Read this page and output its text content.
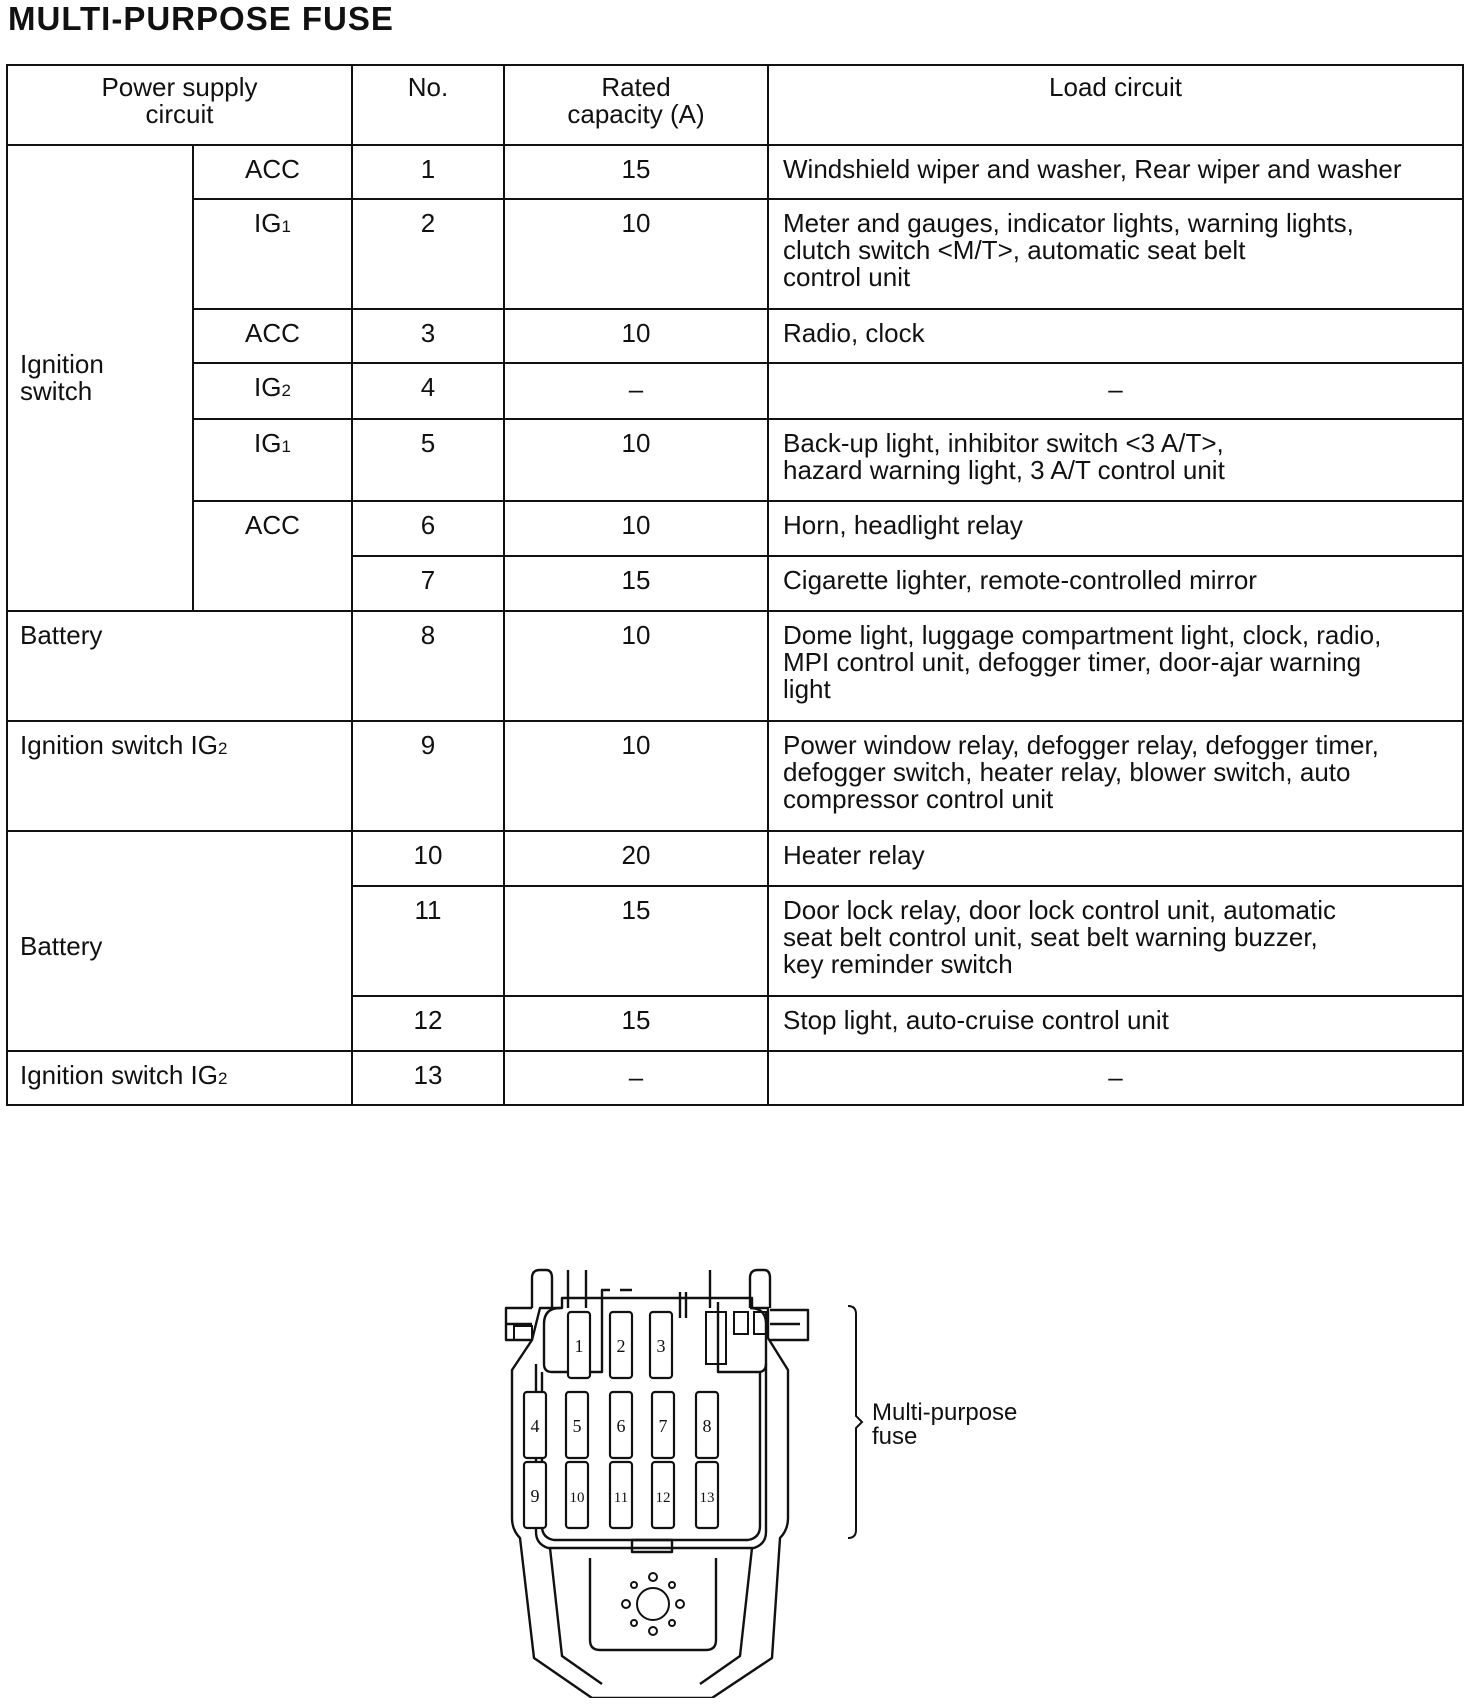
MULTI-PURPOSE FUSE
Power supply
circuit		No.	Rated
capacity (A)	Load circuit
Ignition
switch	ACC	1	15	Windshield wiper and washer, Rear wiper and washer
	IG1	2	10	Meter and gauges, indicator lights, warning lights,
clutch switch <M/T>, automatic seat belt
control unit
	ACC	3	10	Radio, clock
	IG2	4	–	–
	IG1	5	10	Back-up light, inhibitor switch <3 A/T>,
hazard warning light, 3 A/T control unit
	ACC	6	10	Horn, headlight relay
		7	15	Cigarette lighter, remote-controlled mirror
Battery		8	10	Dome light, luggage compartment light, clock, radio,
MPI control unit, defogger timer, door-ajar warning
light
Ignition switch IG2		9	10	Power window relay, defogger relay, defogger timer,
defogger switch, heater relay, blower switch, auto
compressor control unit
Battery		10	20	Heater relay
		11	15	Door lock relay, door lock control unit, automatic
seat belt control unit, seat belt warning buzzer,
key reminder switch
		12	15	Stop light, auto-cruise control unit
Ignition switch IG2		13	–	–
1 2 3
4 5 6 7 8
9 10 11 12 13
Multi-purpose fuse
